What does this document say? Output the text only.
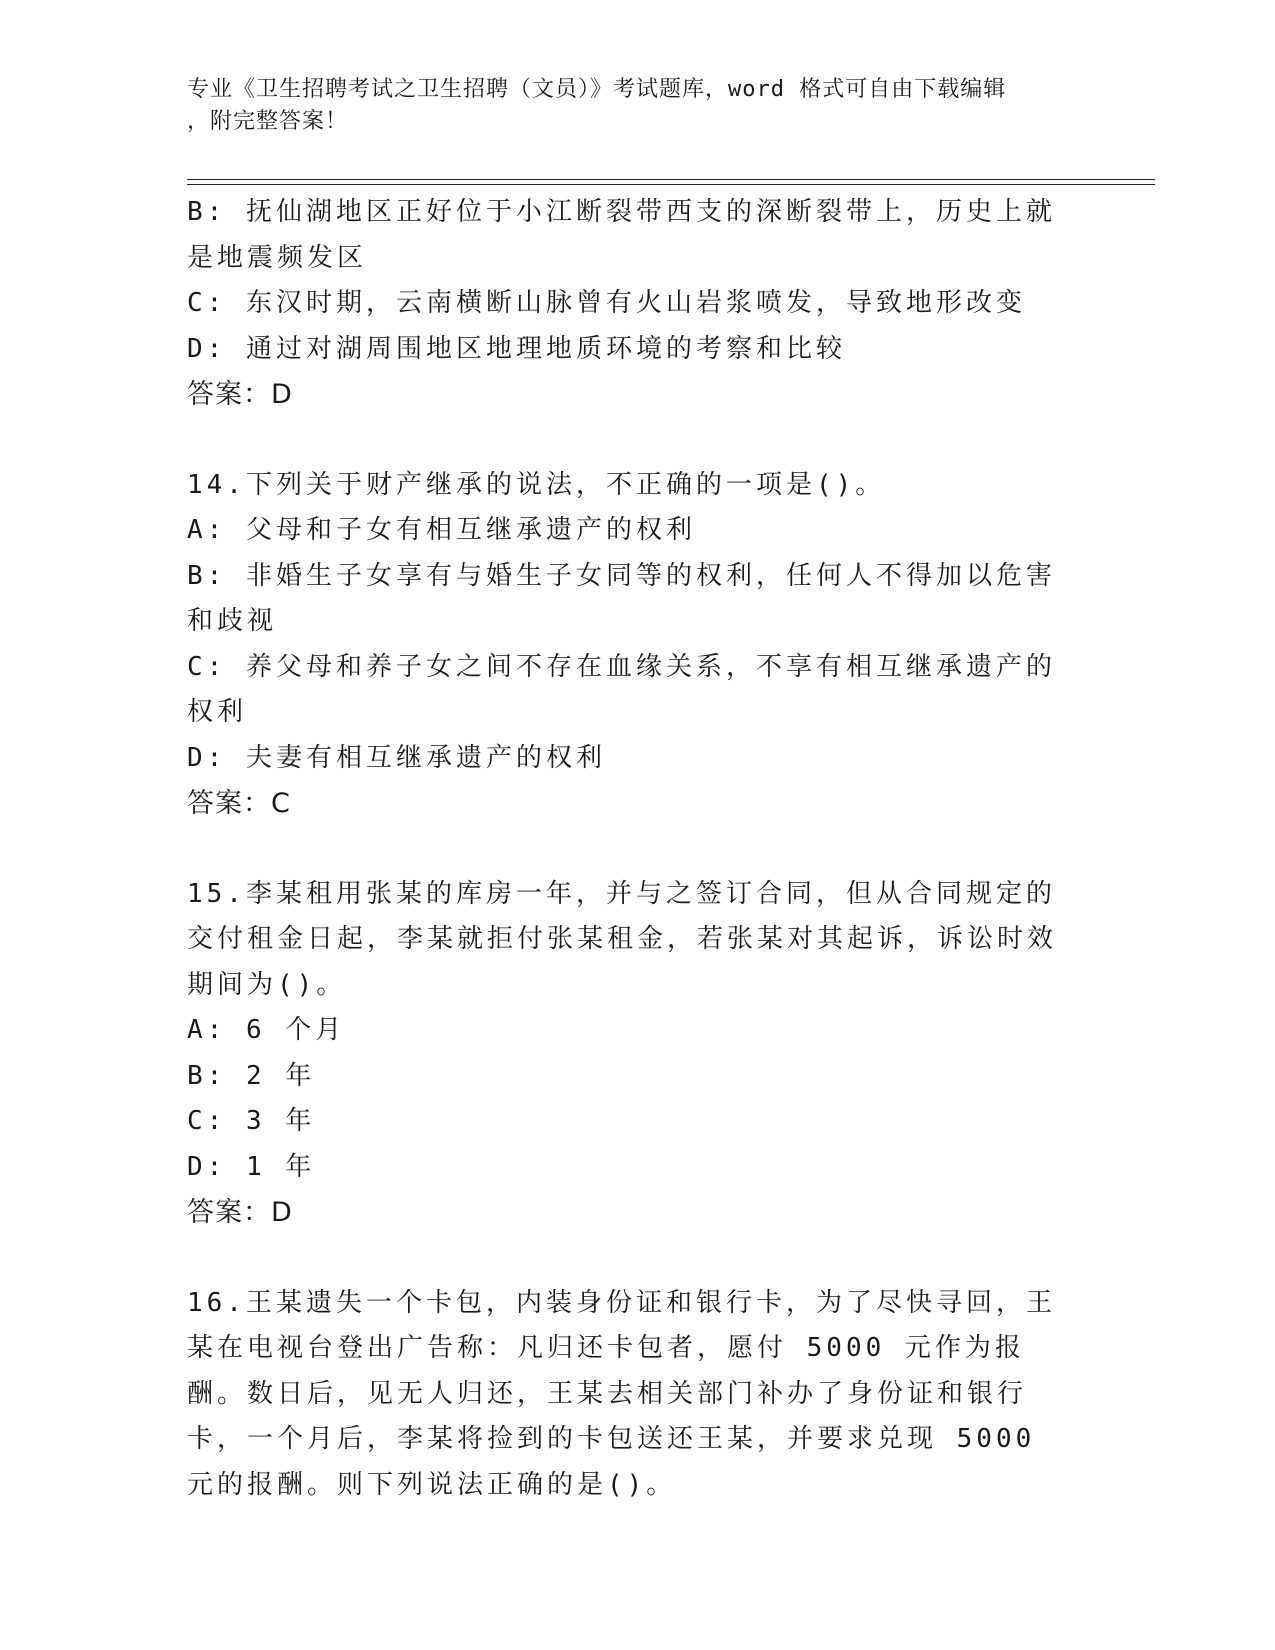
专业《卫生招聘考试之卫生招聘（文员）》考试题库，word 格式可自由下载编辑

，附完整答案！

B: 抚仙湖地区正好位于小江断裂带西支的深断裂带上，历史上就是地震频发区

C: 东汉时期，云南横断山脉曾有火山岩浆喷发，导致地形改变

D: 通过对湖周围地区地理地质环境的考察和比较

答案：D

14.下列关于财产继承的说法，不正确的一项是()。

A: 父母和子女有相互继承遗产的权利

B: 非婚生子女享有与婚生子女同等的权利，任何人不得加以危害和歧视

C: 养父母和养子女之间不存在血缘关系，不享有相互继承遗产的权利

D: 夫妻有相互继承遗产的权利

答案：C

15.李某租用张某的库房一年，并与之签订合同，但从合同规定的交付租金日起，李某就拒付张某租金，若张某对其起诉，诉讼时效期间为()。

A: 6 个月

B: 2 年

C: 3 年

D: 1 年

答案：D

16.王某遗失一个卡包，内装身份证和银行卡，为了尽快寻回，王某在电视台登出广告称：凡归还卡包者，愿付 5000 元作为报酬。数日后，见无人归还，王某去相关部门补办了身份证和银行卡，一个月后，李某将捡到的卡包送还王某，并要求兑现 5000 元的报酬。则下列说法正确的是()。
